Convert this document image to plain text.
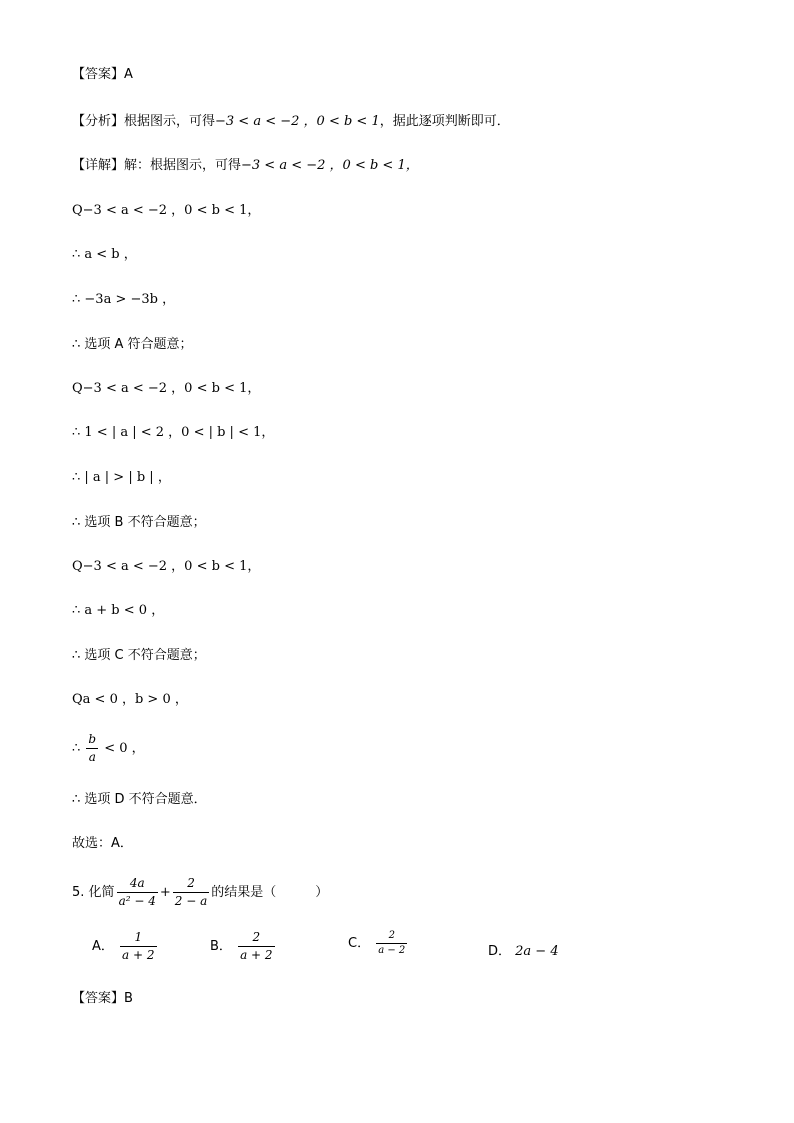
【答案】A
【分析】根据图示，可得−3 < a < −2 ，0 < b < 1，据此逐项判断即可．
【详解】解：根据图示，可得−3 < a < −2 ，0 < b < 1，
Q−3 < a < −2 ，0 < b < 1，
∴ a < b ，
∴ −3a > −3b ，
∴ 选项 A 符合题意；
Q−3 < a < −2 ，0 < b < 1，
∴ 1 < | a | < 2 ，0 < | b | < 1，
∴ | a | > | b | ，
∴ 选项 B 不符合题意；
Q−3 < a < −2 ，0 < b < 1，
∴ a + b < 0 ，
∴ 选项 C 不符合题意；
Qa < 0 ，b > 0 ，
∴ $\frac{b}{a} < 0$ ，
∴ 选项 D 不符合题意．
故选：A．
5. 化简 $\frac{4a}{\text{a² − 4}} + \frac{2}{2 - a}$ 的结果是（　　　）
A． $\frac{1}{a + 2}$	B． $\frac{2}{a + 2}$	C． $\frac{2}{a - 2}$	D． 2a − 4
【答案】B
